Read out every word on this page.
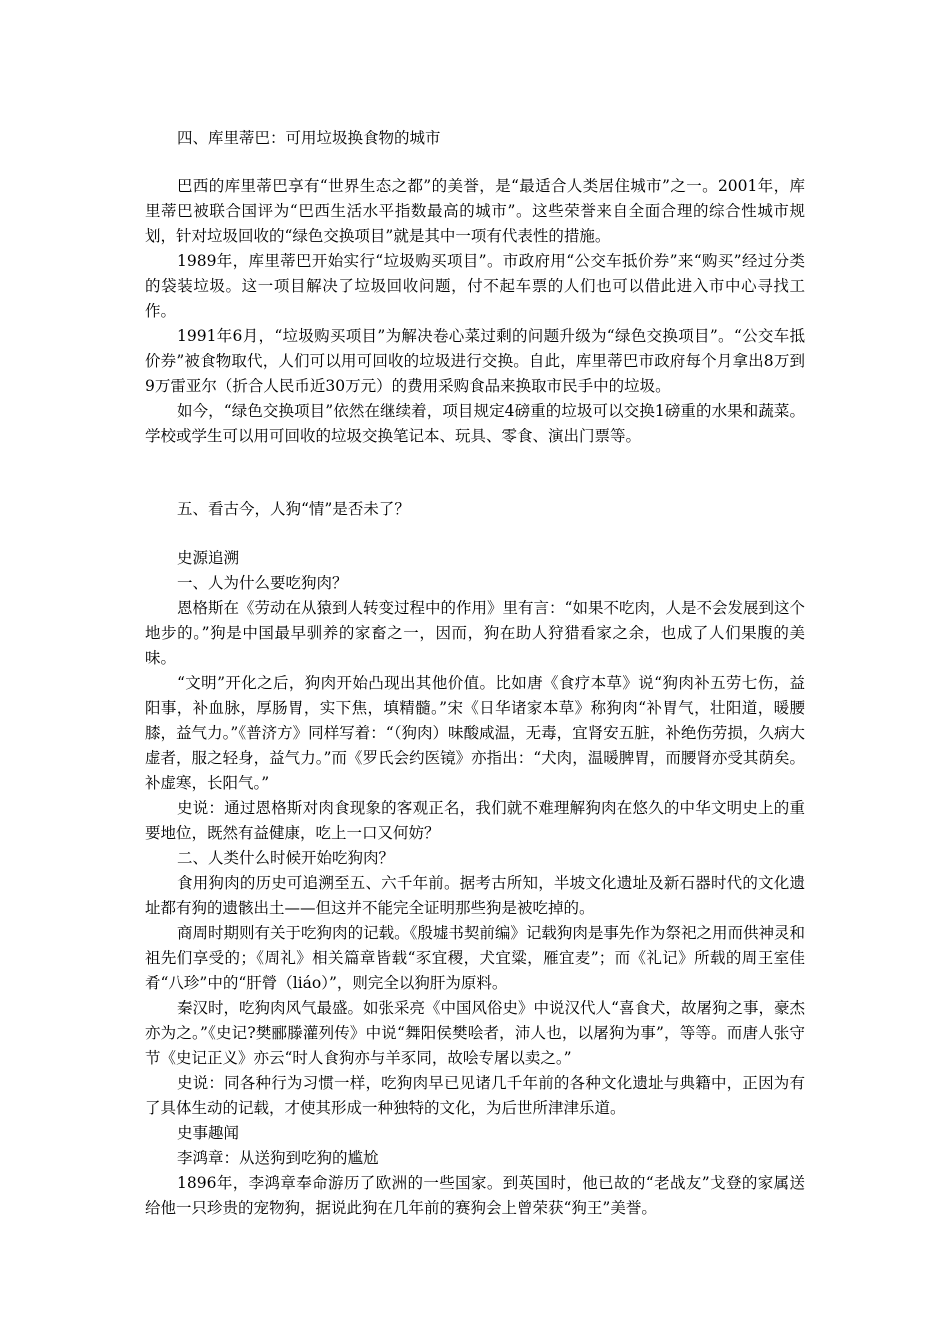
四、库里蒂巴：可用垃圾换食物的城市

巴西的库里蒂巴享有“世界生态之都”的美誉，是“最适合人类居住城市”之一。2001年，库里蒂巴被联合国评为“巴西生活水平指数最高的城市”。这些荣誉来自全面合理的综合性城市规划，针对垃圾回收的“绿色交换项目”就是其中一项有代表性的措施。

1989年，库里蒂巴开始实行“垃圾购买项目”。市政府用“公交车抵价券”来“购买”经过分类的袋装垃圾。这一项目解决了垃圾回收问题，付不起车票的人们也可以借此进入市中心寻找工作。

1991年6月，“垃圾购买项目”为解决卷心菜过剩的问题升级为“绿色交换项目”。“公交车抵价券”被食物取代，人们可以用可回收的垃圾进行交换。自此，库里蒂巴市政府每个月拿出8万到9万雷亚尔（折合人民币近30万元）的费用采购食品来换取市民手中的垃圾。

如今，“绿色交换项目”依然在继续着，项目规定4磅重的垃圾可以交换1磅重的水果和蔬菜。学校或学生可以用可回收的垃圾交换笔记本、玩具、零食、演出门票等。

五、看古今，人狗“情”是否未了？

史源追溯

一、人为什么要吃狗肉？

恩格斯在《劳动在从猿到人转变过程中的作用》里有言：“如果不吃肉，人是不会发展到这个地步的。”狗是中国最早驯养的家畜之一，因而，狗在助人狩猎看家之余，也成了人们果腹的美味。

“文明”开化之后，狗肉开始凸现出其他价值。比如唐《食疗本草》说“狗肉补五劳七伤，益阳事，补血脉，厚肠胃，实下焦，填精髓。”宋《日华诸家本草》称狗肉“补胃气，壮阳道，暖腰膝，益气力。”《普济方》同样写着：“（狗肉）味酸咸温，无毒，宜肾安五脏，补绝伤劳损，久病大虚者，服之轻身，益气力。”而《罗氏会约医镜》亦指出：“犬肉，温暖脾胃，而腰肾亦受其荫矣。补虚寒，长阳气。”

史说：通过恩格斯对肉食现象的客观正名，我们就不难理解狗肉在悠久的中华文明史上的重要地位，既然有益健康，吃上一口又何妨？

二、人类什么时候开始吃狗肉？

食用狗肉的历史可追溯至五、六千年前。据考古所知，半坡文化遗址及新石器时代的文化遗址都有狗的遗骸出土——但这并不能完全证明那些狗是被吃掉的。

商周时期则有关于吃狗肉的记载。《殷墟书契前编》记载狗肉是事先作为祭祀之用而供神灵和祖先们享受的；《周礼》相关篇章皆载“豕宜稷，犬宜粱，雁宜麦”；而《礼记》所载的周王室佳肴“八珍”中的“肝膋（liáo）”，则完全以狗肝为原料。

秦汉时，吃狗肉风气最盛。如张采亮《中国风俗史》中说汉代人“喜食犬，故屠狗之事，豪杰亦为之。”《史记?樊郦滕灌列传》中说“舞阳侯樊哙者，沛人也，以屠狗为事”，等等。而唐人张守节《史记正义》亦云“时人食狗亦与羊豕同，故哙专屠以卖之。”

史说：同各种行为习惯一样，吃狗肉早已见诸几千年前的各种文化遗址与典籍中，正因为有了具体生动的记载，才使其形成一种独特的文化，为后世所津津乐道。

史事趣闻

李鸿章：从送狗到吃狗的尴尬

1896年，李鸿章奉命游历了欧洲的一些国家。到英国时，他已故的“老战友”戈登的家属送给他一只珍贵的宠物狗，据说此狗在几年前的赛狗会上曾荣获“狗王”美誉。
